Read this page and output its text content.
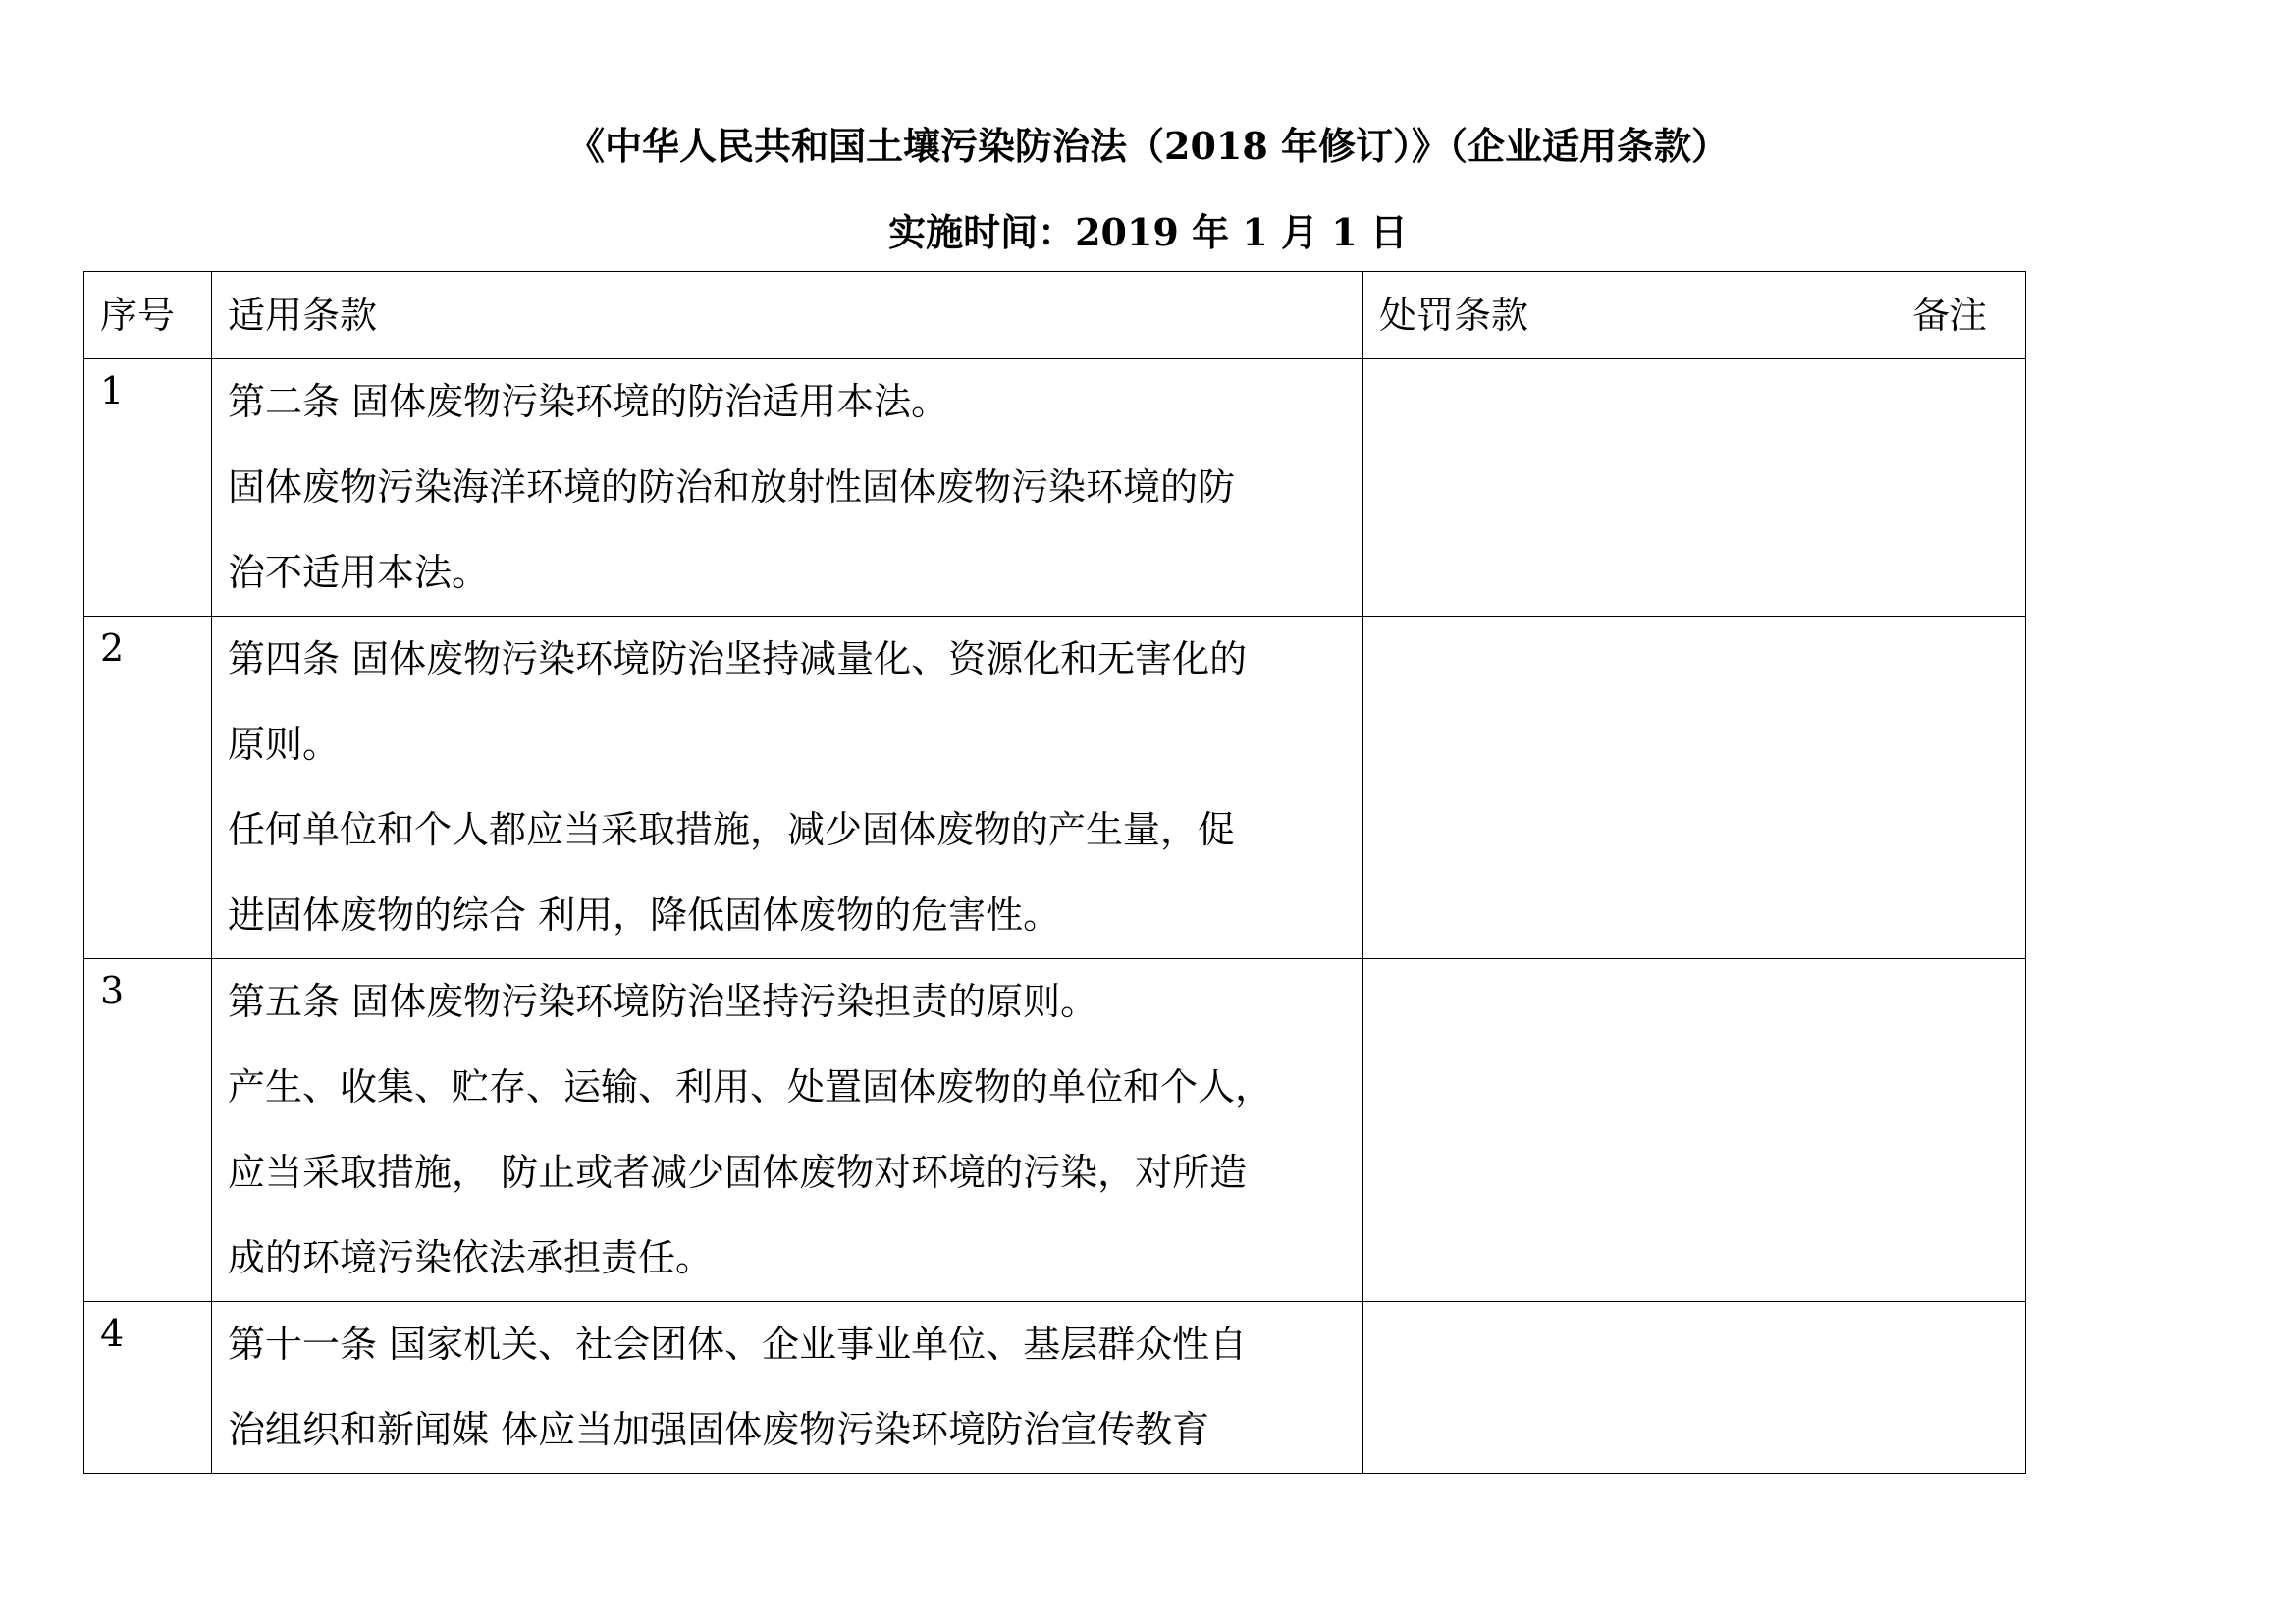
《中华人民共和国土壤污染防治法（2018 年修订）》（企业适用条款）
实施时间：2019 年 1 月 1 日
序号	适用条款	处罚条款	备注
1	第二条 固体废物污染环境的防治适用本法。

固体废物污染海洋环境的防治和放射性固体废物污染环境的防

治不适用本法。		

2	第四条 固体废物污染环境防治坚持减量化、资源化和无害化的

原则。

任何单位和个人都应当采取措施，减少固体废物的产生量，促

进固体废物的综合 利用，降低固体废物的危害性。		

3	第五条 固体废物污染环境防治坚持污染担责的原则。

产生、收集、贮存、运输、利用、处置固体废物的单位和个人，

应当采取措施， 防止或者减少固体废物对环境的污染，对所造

成的环境污染依法承担责任。		

4	第十一条 国家机关、社会团体、企业事业单位、基层群众性自

治组织和新闻媒 体应当加强固体废物污染环境防治宣传教育		
